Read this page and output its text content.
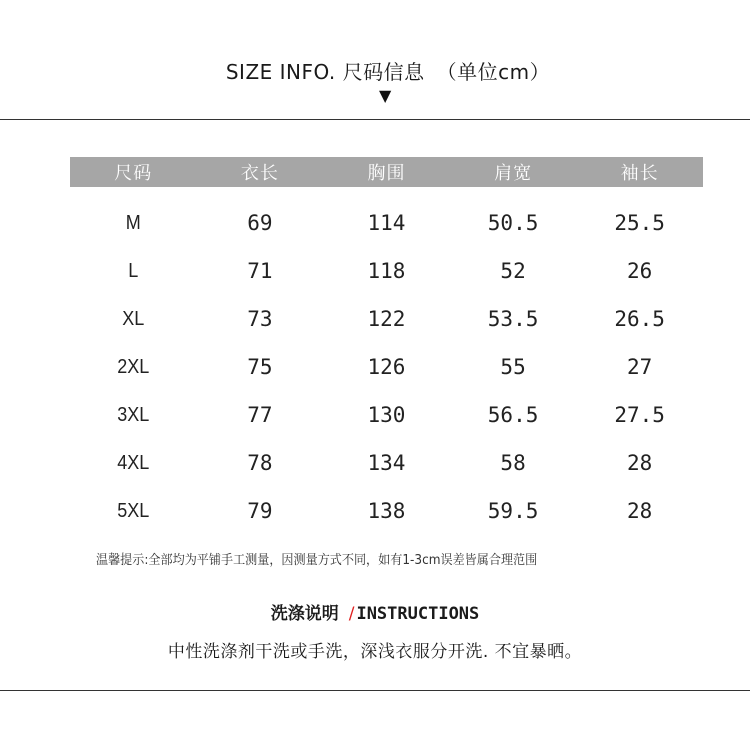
SIZE INFO. 尺码信息 （单位cm）
▼
尺码	衣长	胸围	肩宽	袖长
M	69	114	50.5	25.5
L	71	118	52	26
XL	73	122	53.5	26.5
2XL	75	126	55	27
3XL	77	130	56.5	27.5
4XL	78	134	58	28
5XL	79	138	59.5	28
温馨提示:全部均为平铺手工测量，因测量方式不同，如有1-3cm误差皆属合理范围
洗涤说明 / INSTRUCTIONS
中性洗涤剂干洗或手洗，深浅衣服分开洗. 不宜暴晒。
